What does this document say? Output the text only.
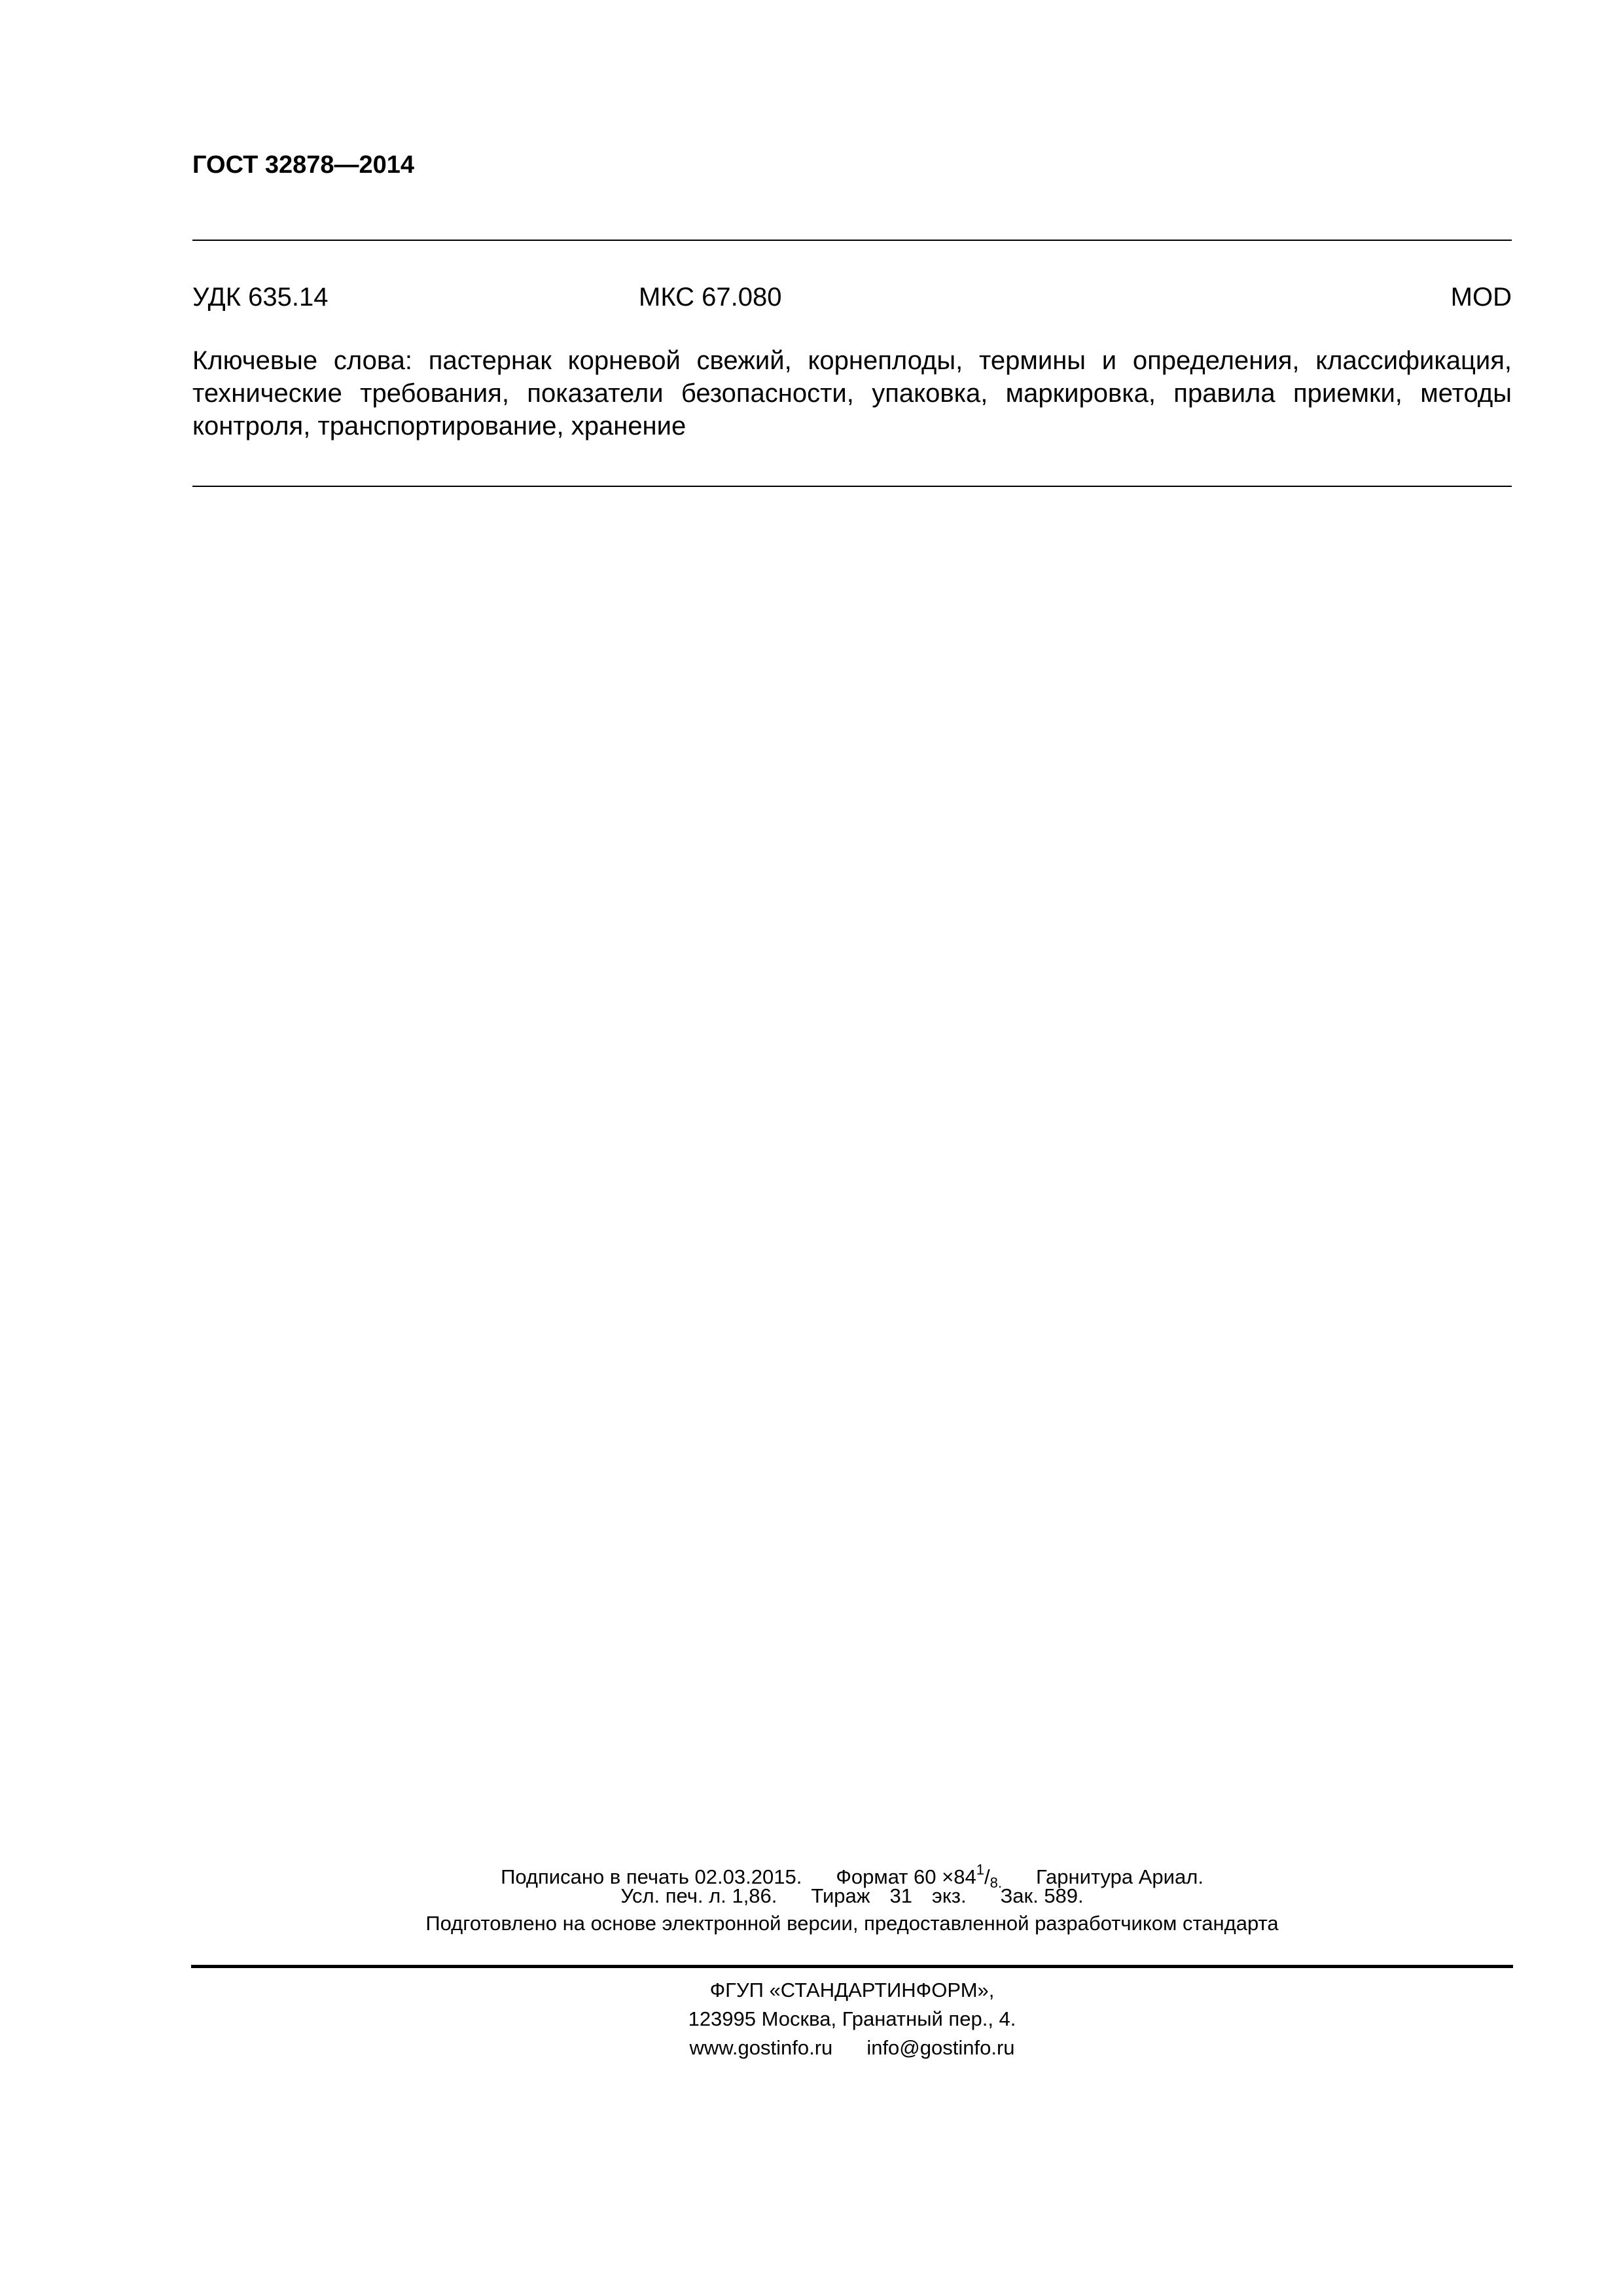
ГОСТ 32878—2014
УДК 635.14	МКС 67.080	MOD
Ключевые слова: пастернак корневой свежий, корнеплоды, термины и определения, классификация, технические требования, показатели безопасности, упаковка, маркировка, правила приемки, методы контроля, транспортирование, хранение
Подписано в печать 02.03.2015. Формат $60 \times 84^1/8$. Гарнитура Ариал.
Усл. печ. л. 1,86. Тираж 31 экз. Зак. 589.
Подготовлено на основе электронной версии, предоставленной разработчиком стандарта
ФГУП «СТАНДАРТИНФОРМ»,
123995 Москва, Гранатный пер., 4.
www.gostinfo.ru info@gostinfo.ru
